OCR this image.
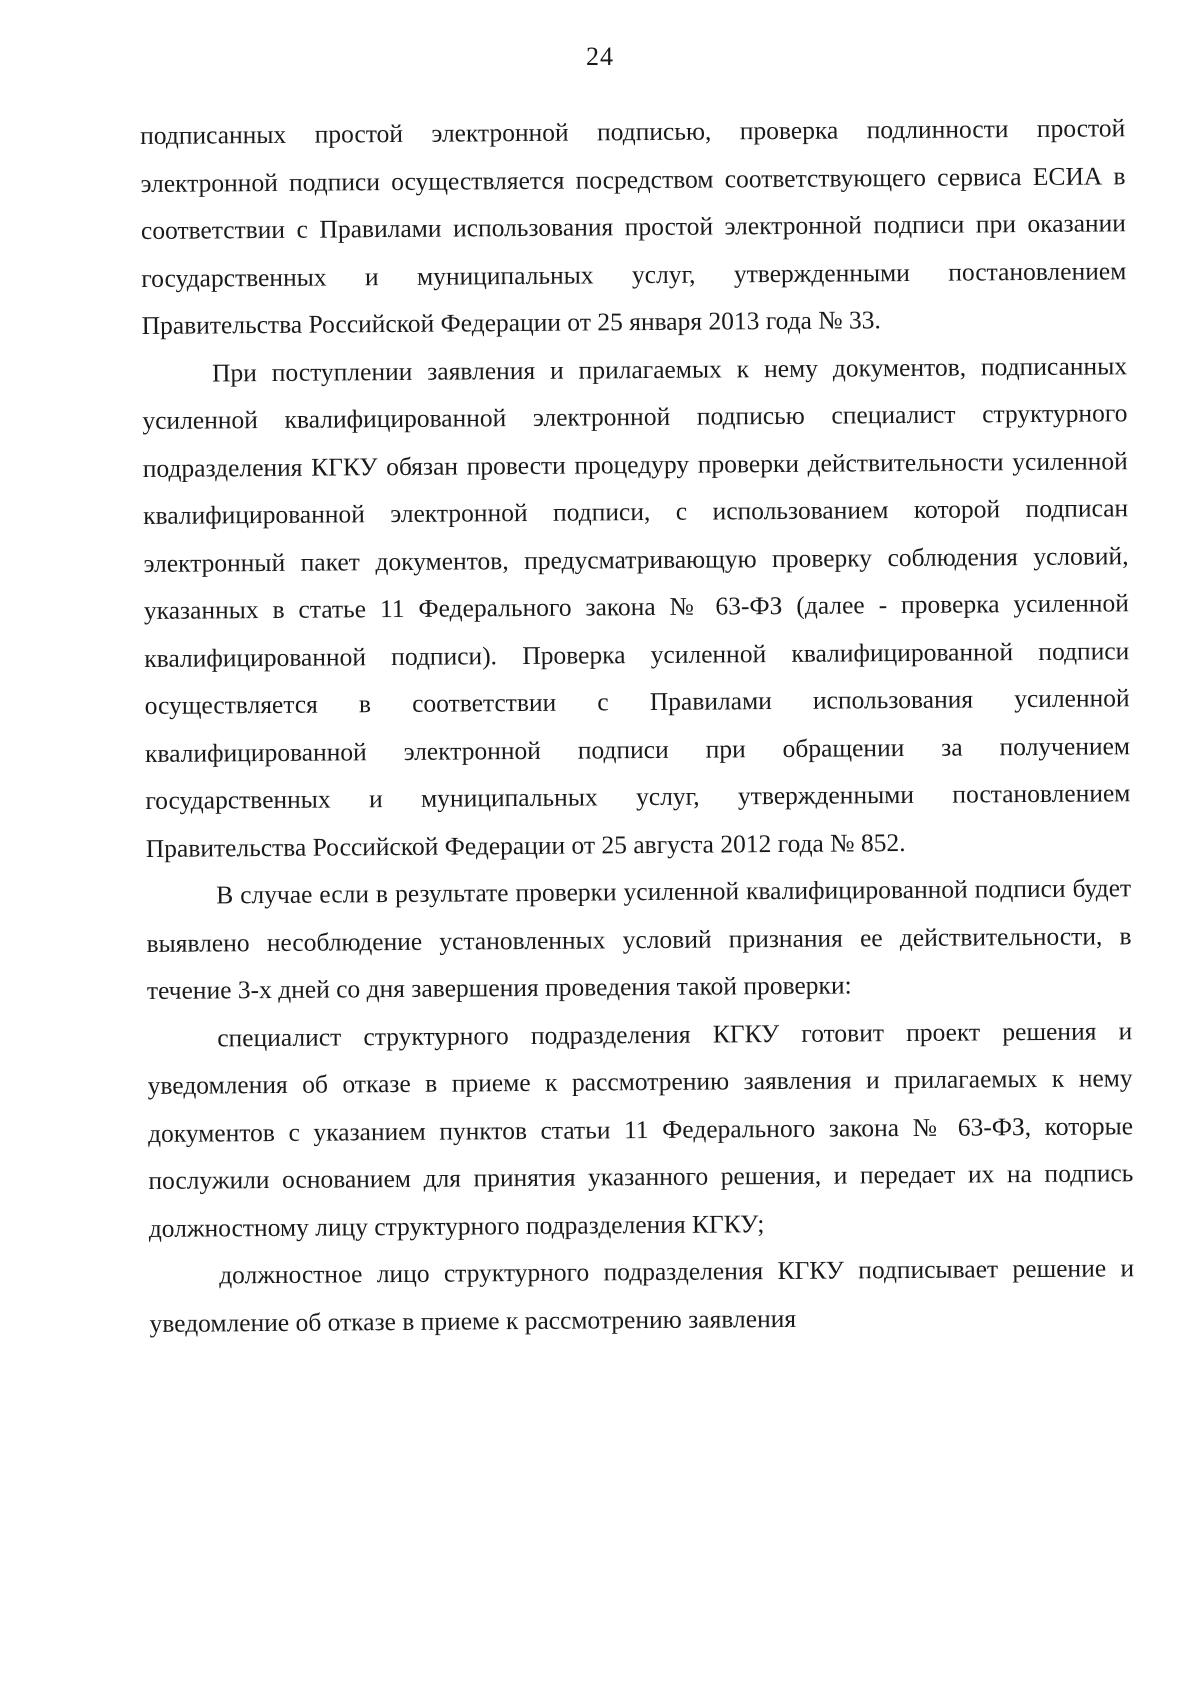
24

подписанных простой электронной подписью, проверка подлинности простой электронной подписи осуществляется посредством соответствующего сервиса ЕСИА в соответствии с Правилами использования простой электронной подписи при оказании государственных и муниципальных услуг, утвержденными постановлением Правительства Российской Федерации от 25 января 2013 года № 33.

При поступлении заявления и прилагаемых к нему документов, подписанных усиленной квалифицированной электронной подписью специалист структурного подразделения КГКУ обязан провести процедуру проверки действительности усиленной квалифицированной электронной подписи, с использованием которой подписан электронный пакет документов, предусматривающую проверку соблюдения условий, указанных в статье 11 Федерального закона № 63-ФЗ (далее - проверка усиленной квалифицированной подписи). Проверка усиленной квалифицированной подписи осуществляется в соответствии с Правилами использования усиленной квалифицированной электронной подписи при обращении за получением государственных и муниципальных услуг, утвержденными постановлением Правительства Российской Федерации от 25 августа 2012 года № 852.

В случае если в результате проверки усиленной квалифицированной подписи будет выявлено несоблюдение установленных условий признания ее действительности, в течение 3-х дней со дня завершения проведения такой проверки:

специалист структурного подразделения КГКУ готовит проект решения и уведомления об отказе в приеме к рассмотрению заявления и прилагаемых к нему документов с указанием пунктов статьи 11 Федерального закона № 63-ФЗ, которые послужили основанием для принятия указанного решения, и передает их на подпись должностному лицу структурного подразделения КГКУ;

должностное лицо структурного подразделения КГКУ подписывает решение и уведомление об отказе в приеме к рассмотрению заявления
